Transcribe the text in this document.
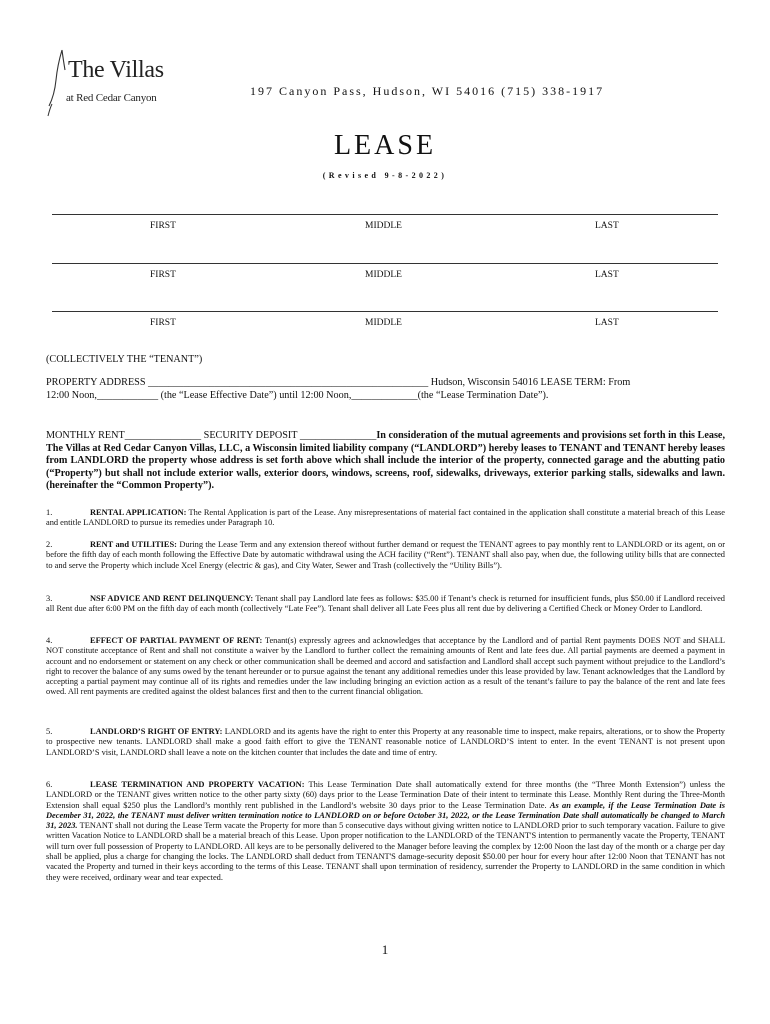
The Villas
at Red Cedar Canyon	197 Canyon Pass, Hudson, WI 54016 (715) 338-1917
LEASE
(Revised 9-8-2022)
FIRST	MIDDLE	LAST
FIRST	MIDDLE	LAST
FIRST	MIDDLE	LAST
(COLLECTIVELY THE “TENANT”)
PROPERTY ADDRESS _______________________________________________________ Hudson, Wisconsin 54016 LEASE TERM: From
12:00 Noon,____________ (the “Lease Effective Date”) until 12:00 Noon,_____________(the “Lease Termination Date”).
MONTHLY RENT_______________ SECURITY DEPOSIT _______________In consideration of the mutual agreements and provisions set forth in this Lease, The Villas at Red Cedar Canyon Villas, LLC, a Wisconsin limited liability company (“LANDLORD”) hereby leases to TENANT and TENANT hereby leases from LANDLORD the property whose address is set forth above which shall include the interior of the property, connected garage and the abutting patio (“Property”) but shall not include exterior walls, exterior doors, windows, screens, roof, sidewalks, driveways, exterior parking stalls, sidewalks and lawn. (hereinafter the “Common Property”).
1.	RENTAL APPLICATION: The Rental Application is part of the Lease. Any misrepresentations of material fact contained in the application shall constitute a material breach of this Lease and entitle LANDLORD to pursue its remedies under Paragraph 10.
2.	RENT and UTILITIES: During the Lease Term and any extension thereof without further demand or request the TENANT agrees to pay monthly rent to LANDLORD or its agent, on or before the fifth day of each month following the Effective Date by automatic withdrawal using the ACH facility (“Rent”). TENANT shall also pay, when due, the following utility bills that are connected to and serve the Property which include Xcel Energy (electric & gas), and City Water, Sewer and Trash (collectively the “Utility Bills”).
3.	NSF ADVICE AND RENT DELINQUENCY: Tenant shall pay Landlord late fees as follows: $35.00 if Tenant’s check is returned for insufficient funds, plus $50.00 if Landlord received all Rent due after 6:00 PM on the fifth day of each month (collectively “Late Fee”). Tenant shall deliver all Late Fees plus all rent due by delivering a Certified Check or Money Order to Landlord.
4.	EFFECT OF PARTIAL PAYMENT OF RENT: Tenant(s) expressly agrees and acknowledges that acceptance by the Landlord and of partial Rent payments DOES NOT and SHALL NOT constitute acceptance of Rent and shall not constitute a waiver by the Landlord to further collect the remaining amounts of Rent and late fees due. All partial payments are deemed a payment in account and no endorsement or statement on any check or other communication shall be deemed and accord and satisfaction and Landlord shall accept such payment without prejudice to the Landlord’s right to recover the balance of any sums owed by the tenant hereunder or to pursue against the tenant any additional remedies under this lease provided by law. Tenant acknowledges that the Landlord by accepting a partial payment may continue all of its rights and remedies under the law including bringing an eviction action as a result of the tenant’s failure to pay the balance of the rent and late fees owed. All rent payments are credited against the oldest balances first and then to the current financial obligation.
5.	LANDLORD’S RIGHT OF ENTRY: LANDLORD and its agents have the right to enter this Property at any reasonable time to inspect, make repairs, alterations, or to show the Property to prospective new tenants. LANDLORD shall make a good faith effort to give the TENANT reasonable notice of LANDLORD’S intent to enter. In the event TENANT is not present upon LANDLORD’S visit, LANDLORD shall leave a note on the kitchen counter that includes the date and time of entry.
6.	LEASE TERMINATION AND PROPERTY VACATION: This Lease Termination Date shall automatically extend for three months (the “Three Month Extension”) unless the LANDLORD or the TENANT gives written notice to the other party sixty (60) days prior to the Lease Termination Date of their intent to terminate this Lease. Monthly Rent during the Three-Month Extension shall equal $250 plus the Landlord’s monthly rent published in the Landlord’s website 30 days prior to the Lease Termination Date. As an example, if the Lease Termination Date is December 31, 2022, the TENANT must deliver written termination notice to LANDLORD on or before October 31, 2022, or the Lease Termination Date shall automatically be changed to March 31, 2023. TENANT shall not during the Lease Term vacate the Property for more than 5 consecutive days without giving written notice to LANDLORD prior to such temporary vacation. Failure to give written Vacation Notice to LANDLORD shall be a material breach of this Lease. Upon proper notification to the LANDLORD of the TENANT'S intention to permanently vacate the Property, TENANT will turn over full possession of Property to LANDLORD. All keys are to be personally delivered to the Manager before leaving the complex by 12:00 Noon the last day of the month or a charge per day shall be applied, plus a charge for changing the locks. The LANDLORD shall deduct from TENANT'S damage-security deposit $50.00 per hour for every hour after 12:00 Noon that TENANT has not vacated the Property and turned in their keys according to the terms of this Lease. TENANT shall upon termination of residency, surrender the Property to LANDLORD in the same condition in which they were received, ordinary wear and tear expected.
1
